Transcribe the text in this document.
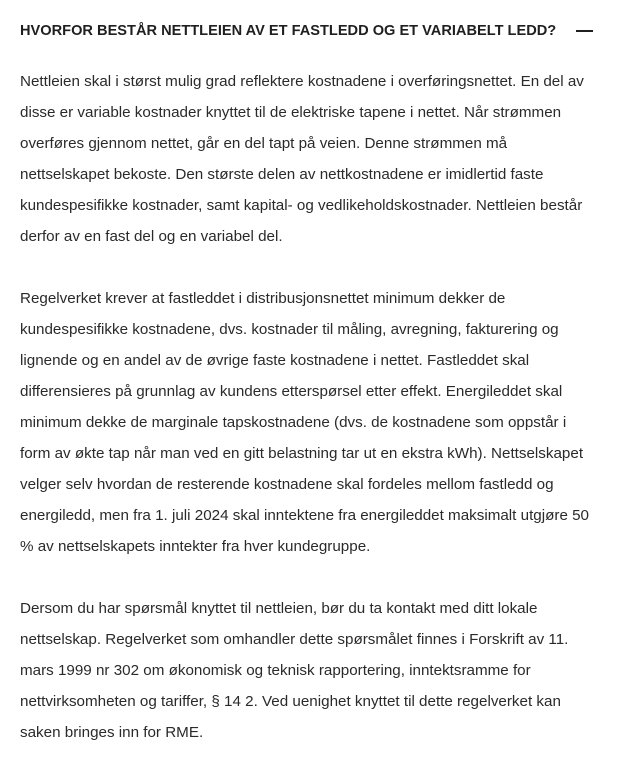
HVORFOR BESTÅR NETTLEIEN AV ET FASTLEDD OG ET VARIABELT LEDD?

Nettleien skal i størst mulig grad reflektere kostnadene i overføringsnettet. En del av disse er variable kostnader knyttet til de elektriske tapene i nettet. Når strømmen overføres gjennom nettet, går en del tapt på veien. Denne strømmen må nettselskapet bekoste. Den største delen av nettkostnadene er imidlertid faste kundespesifikke kostnader, samt kapital- og vedlikeholdskostnader. Nettleien består derfor av en fast del og en variabel del.

Regelverket krever at fastleddet i distribusjonsnettet minimum dekker de kundespesifikke kostnadene, dvs. kostnader til måling, avregning, fakturering og lignende og en andel av de øvrige faste kostnadene i nettet. Fastleddet skal differensieres på grunnlag av kundens etterspørsel etter effekt. Energileddet skal minimum dekke de marginale tapskostnadene (dvs. de kostnadene som oppstår i form av økte tap når man ved en gitt belastning tar ut en ekstra kWh). Nettselskapet velger selv hvordan de resterende kostnadene skal fordeles mellom fastledd og energiledd, men fra 1. juli 2024 skal inntektene fra energileddet maksimalt utgjøre 50 % av nettselskapets inntekter fra hver kundegruppe.

Dersom du har spørsmål knyttet til nettleien, bør du ta kontakt med ditt lokale nettselskap. Regelverket som omhandler dette spørsmålet finnes i Forskrift av 11. mars 1999 nr 302 om økonomisk og teknisk rapportering, inntektsramme for nettvirksomheten og tariffer, § 14 2. Ved uenighet knyttet til dette regelverket kan saken bringes inn for RME.
